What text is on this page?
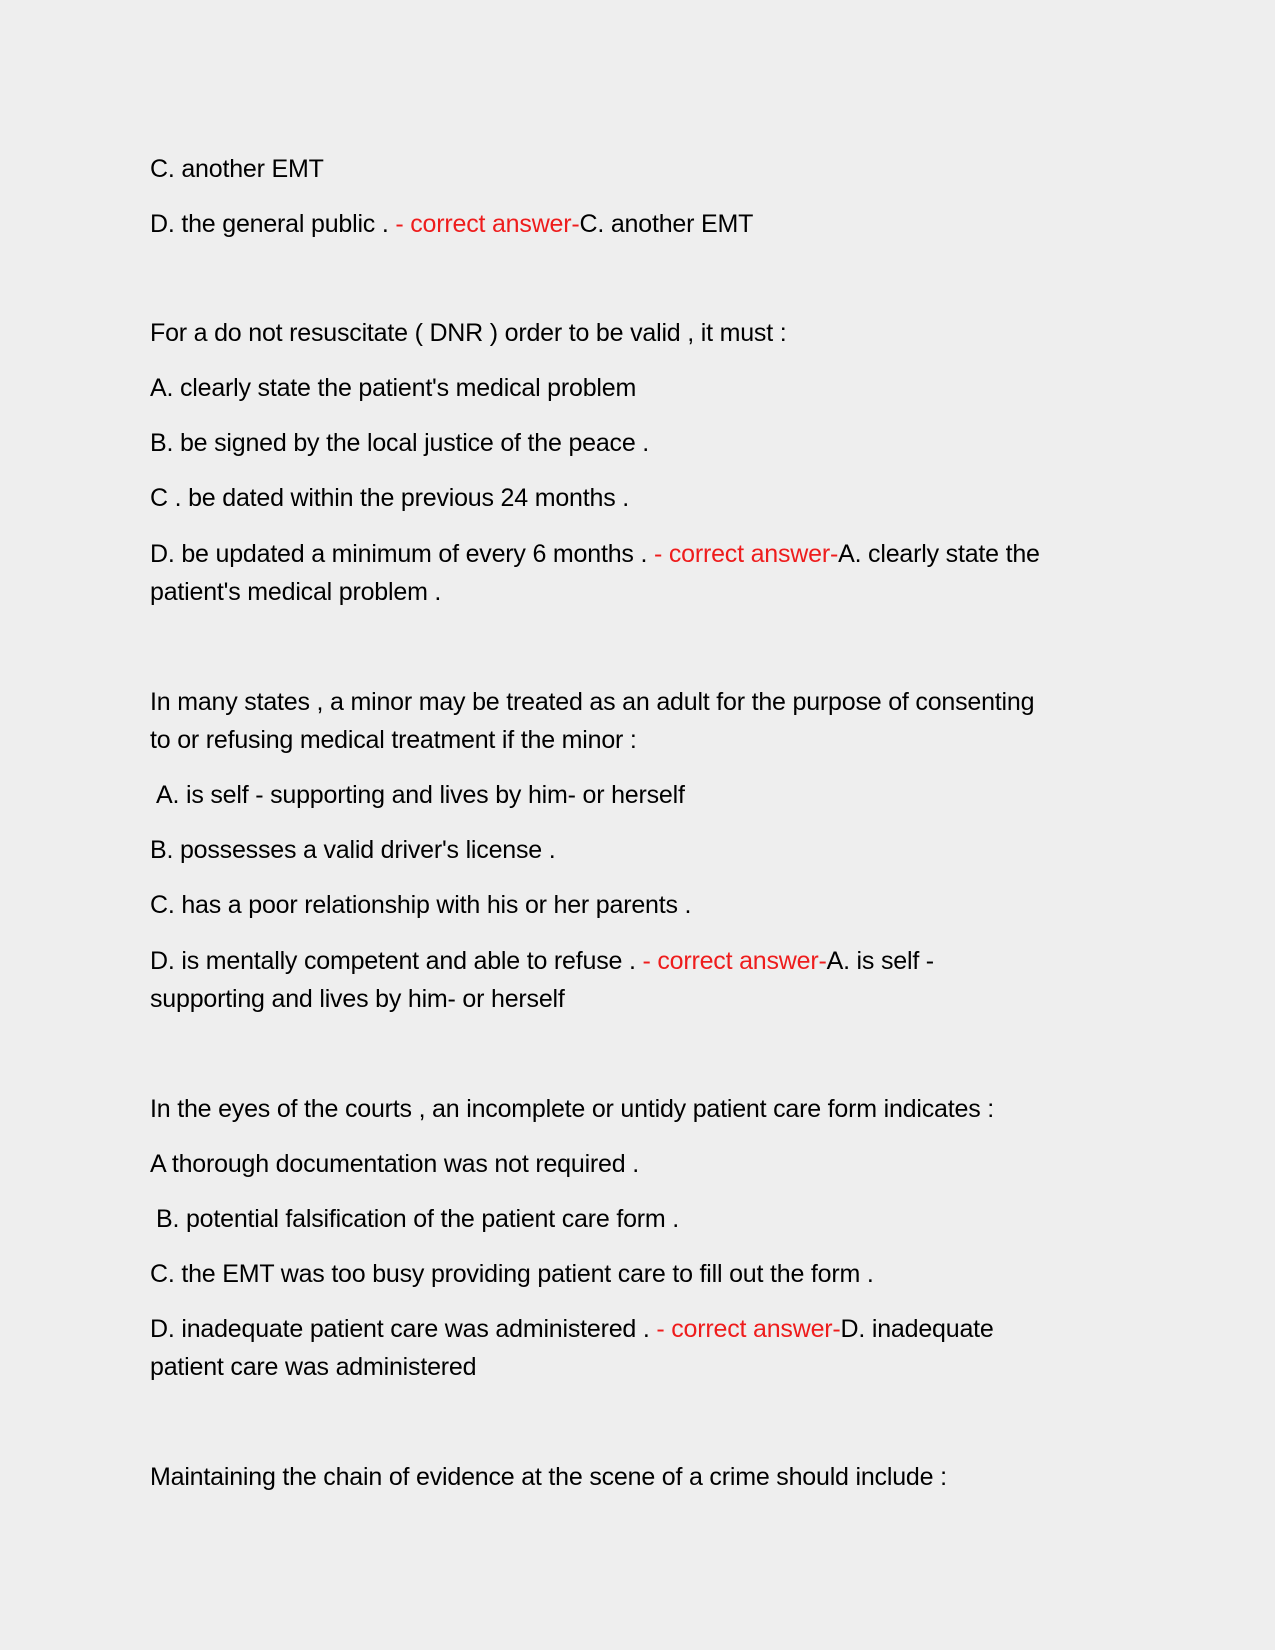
C. another EMT
D. the general public . - correct answer-C. another EMT
For a do not resuscitate ( DNR ) order to be valid , it must :
A. clearly state the patient's medical problem
B. be signed by the local justice of the peace .
C . be dated within the previous 24 months .
D. be updated a minimum of every 6 months . - correct answer-A. clearly state the
patient's medical problem .
In many states , a minor may be treated as an adult for the purpose of consenting
to or refusing medical treatment if the minor :
A. is self - supporting and lives by him- or herself
B. possesses a valid driver's license .
C. has a poor relationship with his or her parents .
D. is mentally competent and able to refuse . - correct answer-A. is self -
supporting and lives by him- or herself
In the eyes of the courts , an incomplete or untidy patient care form indicates :
A thorough documentation was not required .
B. potential falsification of the patient care form .
C. the EMT was too busy providing patient care to fill out the form .
D. inadequate patient care was administered . - correct answer-D. inadequate
patient care was administered
Maintaining the chain of evidence at the scene of a crime should include :
